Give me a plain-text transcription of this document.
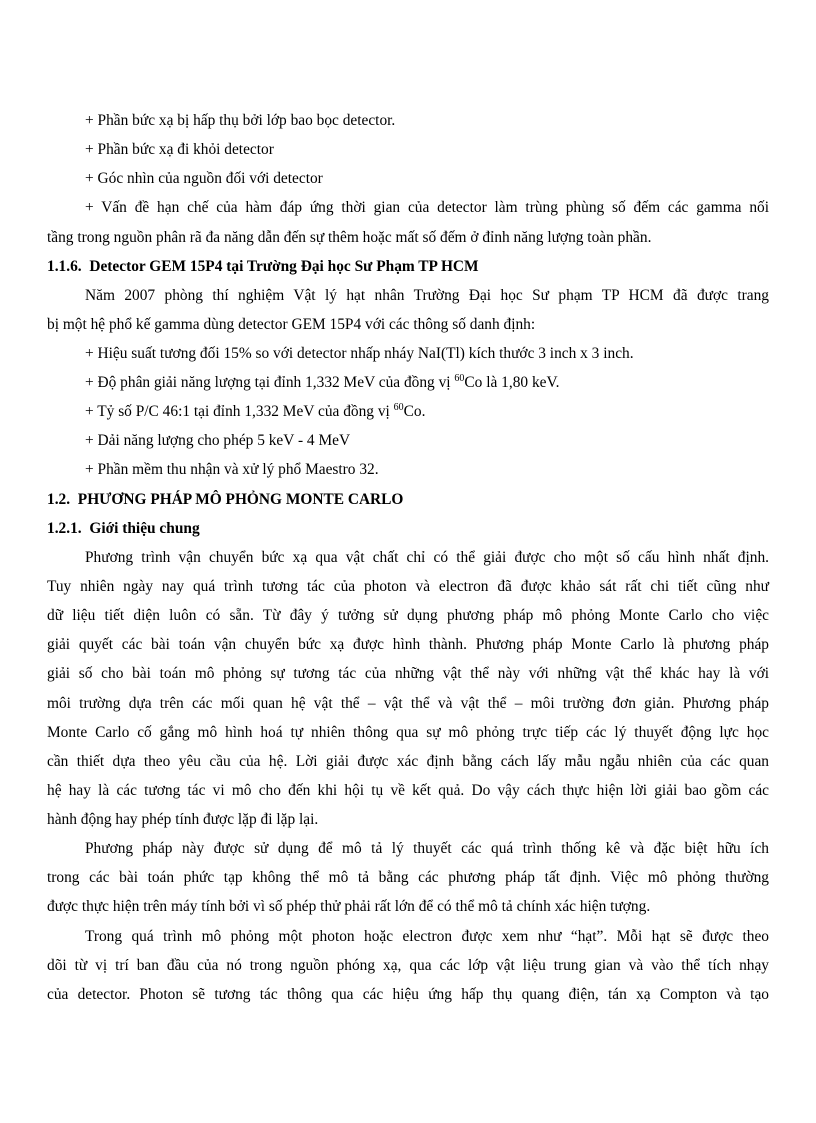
+ Phần bức xạ bị hấp thụ bởi lớp bao bọc detector.
+ Phần bức xạ đi khỏi detector
+ Góc nhìn của nguồn đối với detector
+ Vấn đề hạn chế của hàm đáp ứng thời gian của detector làm trùng phùng số đếm các gamma nối
tầng trong nguồn phân rã đa năng dẫn đến sự thêm hoặc mất số đếm ở đỉnh năng lượng toàn phần.
1.1.6. Detector GEM 15P4 tại Trường Đại học Sư Phạm TP HCM
Năm 2007 phòng thí nghiệm Vật lý hạt nhân Trường Đại học Sư phạm TP HCM đã được trang
bị một hệ phổ kế gamma dùng detector GEM 15P4 với các thông số danh định:
+ Hiệu suất tương đối 15% so với detector nhấp nháy NaI(Tl) kích thước 3 inch x 3 inch.
+ Độ phân giải năng lượng tại đỉnh 1,332 MeV của đồng vị $^{60}$Co là 1,80 keV.
+ Tỷ số P/C 46:1 tại đỉnh 1,332 MeV của đồng vị $^{60}$Co.
+ Dải năng lượng cho phép 5 keV - 4 MeV
+ Phần mềm thu nhận và xử lý phổ Maestro 32.
1.2. PHƯƠNG PHÁP MÔ PHỎNG MONTE CARLO
1.2.1. Giới thiệu chung
Phương trình vận chuyển bức xạ qua vật chất chỉ có thể giải được cho một số cấu hình nhất định.
Tuy nhiên ngày nay quá trình tương tác của photon và electron đã được khảo sát rất chi tiết cũng như
dữ liệu tiết diện luôn có sẵn. Từ đây ý tưởng sử dụng phương pháp mô phỏng Monte Carlo cho việc
giải quyết các bài toán vận chuyển bức xạ được hình thành. Phương pháp Monte Carlo là phương pháp
giải số cho bài toán mô phỏng sự tương tác của những vật thể này với những vật thể khác hay là với
môi trường dựa trên các mối quan hệ vật thể – vật thể và vật thể – môi trường đơn giản. Phương pháp
Monte Carlo cố gắng mô hình hoá tự nhiên thông qua sự mô phỏng trực tiếp các lý thuyết động lực học
cần thiết dựa theo yêu cầu của hệ. Lời giải được xác định bằng cách lấy mẫu ngẫu nhiên của các quan
hệ hay là các tương tác vi mô cho đến khi hội tụ về kết quả. Do vậy cách thực hiện lời giải bao gồm các
hành động hay phép tính được lặp đi lặp lại.
Phương pháp này được sử dụng để mô tả lý thuyết các quá trình thống kê và đặc biệt hữu ích
trong các bài toán phức tạp không thể mô tả bằng các phương pháp tất định. Việc mô phỏng thường
được thực hiện trên máy tính bởi vì số phép thử phải rất lớn để có thể mô tả chính xác hiện tượng.
Trong quá trình mô phỏng một photon hoặc electron được xem như “hạt”. Mỗi hạt sẽ được theo
dõi từ vị trí ban đầu của nó trong nguồn phóng xạ, qua các lớp vật liệu trung gian và vào thể tích nhạy
của detector. Photon sẽ tương tác thông qua các hiệu ứng hấp thụ quang điện, tán xạ Compton và tạo
